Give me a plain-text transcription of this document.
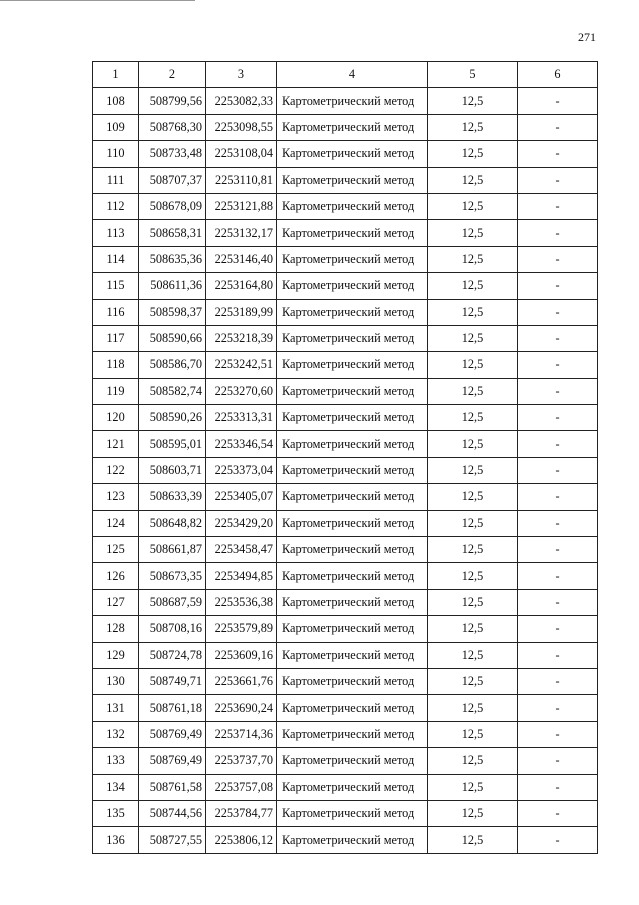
271
1	2	3	4	5	6
108	508799,56	2253082,33	Картометрический метод	12,5	-
109	508768,30	2253098,55	Картометрический метод	12,5	-
110	508733,48	2253108,04	Картометрический метод	12,5	-
111	508707,37	2253110,81	Картометрический метод	12,5	-
112	508678,09	2253121,88	Картометрический метод	12,5	-
113	508658,31	2253132,17	Картометрический метод	12,5	-
114	508635,36	2253146,40	Картометрический метод	12,5	-
115	508611,36	2253164,80	Картометрический метод	12,5	-
116	508598,37	2253189,99	Картометрический метод	12,5	-
117	508590,66	2253218,39	Картометрический метод	12,5	-
118	508586,70	2253242,51	Картометрический метод	12,5	-
119	508582,74	2253270,60	Картометрический метод	12,5	-
120	508590,26	2253313,31	Картометрический метод	12,5	-
121	508595,01	2253346,54	Картометрический метод	12,5	-
122	508603,71	2253373,04	Картометрический метод	12,5	-
123	508633,39	2253405,07	Картометрический метод	12,5	-
124	508648,82	2253429,20	Картометрический метод	12,5	-
125	508661,87	2253458,47	Картометрический метод	12,5	-
126	508673,35	2253494,85	Картометрический метод	12,5	-
127	508687,59	2253536,38	Картометрический метод	12,5	-
128	508708,16	2253579,89	Картометрический метод	12,5	-
129	508724,78	2253609,16	Картометрический метод	12,5	-
130	508749,71	2253661,76	Картометрический метод	12,5	-
131	508761,18	2253690,24	Картометрический метод	12,5	-
132	508769,49	2253714,36	Картометрический метод	12,5	-
133	508769,49	2253737,70	Картометрический метод	12,5	-
134	508761,58	2253757,08	Картометрический метод	12,5	-
135	508744,56	2253784,77	Картометрический метод	12,5	-
136	508727,55	2253806,12	Картометрический метод	12,5	-
